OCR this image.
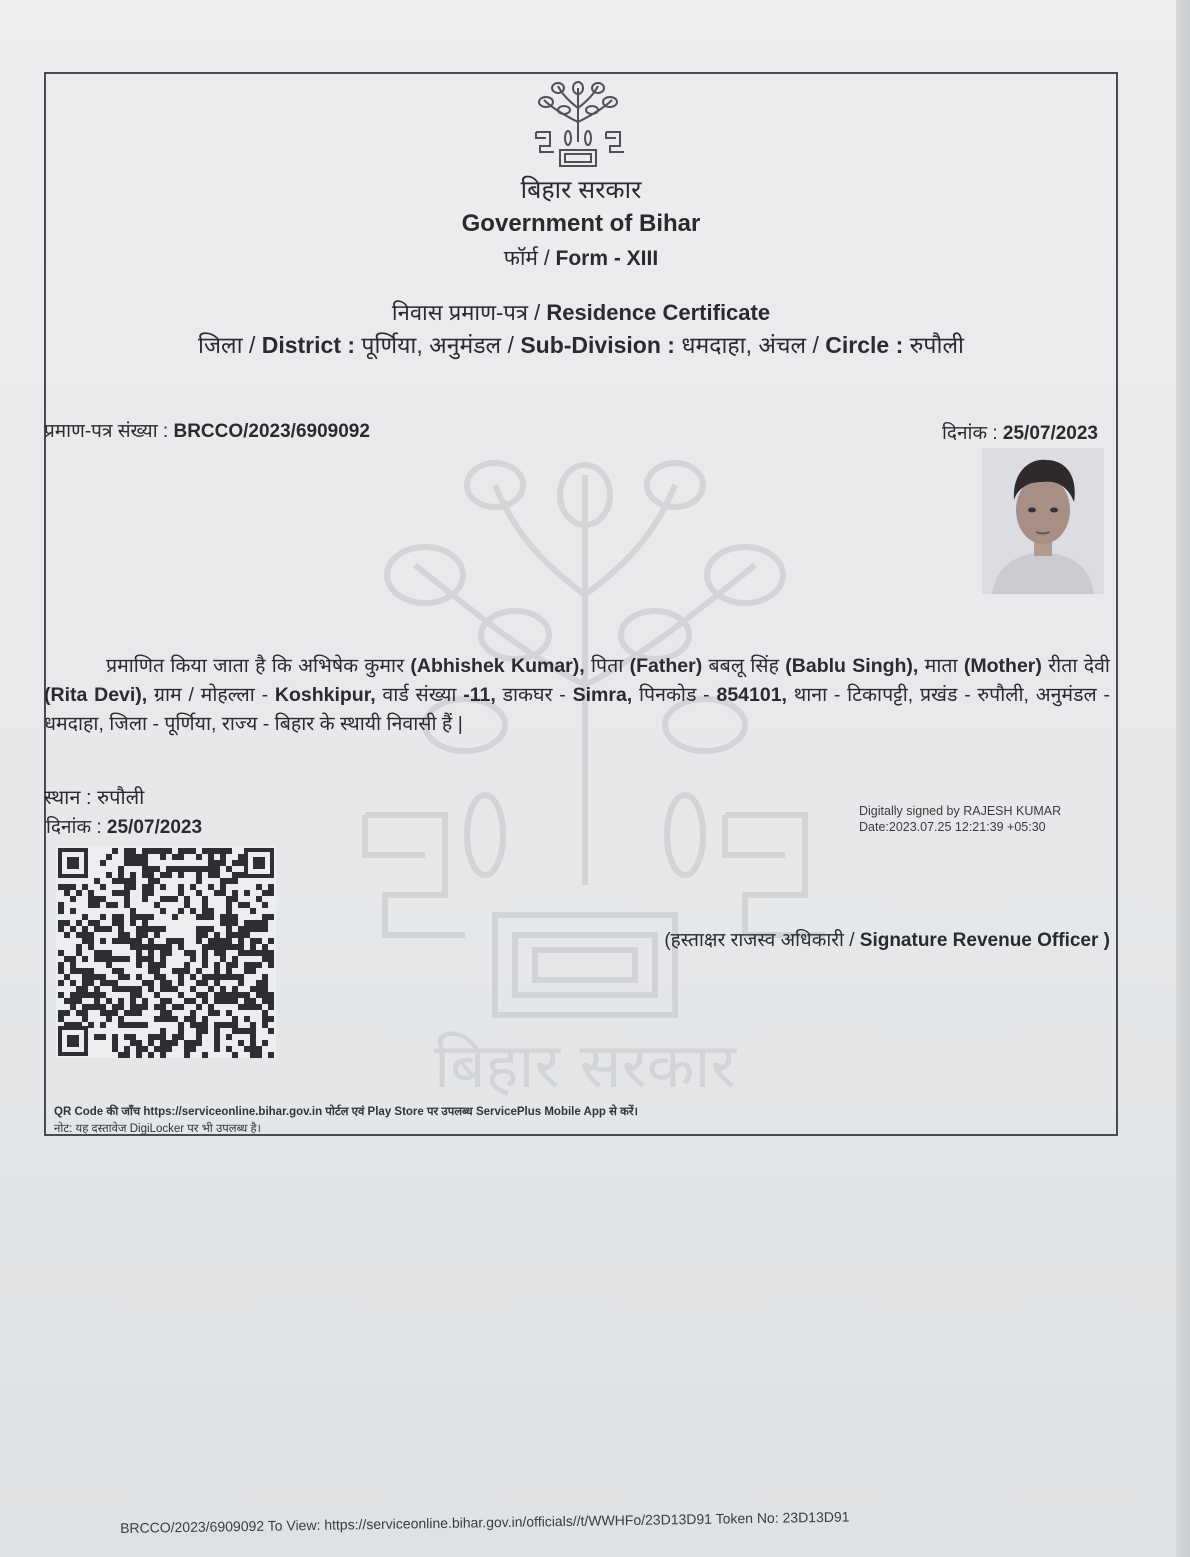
बिहार सरकार
बिहार सरकार
Government of Bihar
फॉर्म / Form - XIII
निवास प्रमाण-पत्र / Residence Certificate
जिला / District : पूर्णिया, अनुमंडल / Sub-Division : धमदाहा, अंचल / Circle : रुपौली
प्रमाण-पत्र संख्या : BRCCO/2023/6909092	दिनांक : 25/07/2023
प्रमाणित किया जाता है कि अभिषेक कुमार (Abhishek Kumar), पिता (Father) बबलू सिंह (Bablu Singh), माता (Mother) रीता देवी (Rita Devi), ग्राम / मोहल्ला - Koshkipur, वार्ड संख्या -11, डाकघर - Simra, पिनकोड - 854101, थाना - टिकापट्टी, प्रखंड - रुपौली, अनुमंडल - धमदाहा, जिला - पूर्णिया, राज्य - बिहार के स्थायी निवासी हैं |
स्थान : रुपौली
दिनांक : 25/07/2023
Digitally signed by RAJESH KUMAR
Date:2023.07.25 12:21:39 +05:30
(हस्ताक्षर राजस्व अधिकारी / Signature Revenue Officer )
QR Code की जाँच https://serviceonline.bihar.gov.in पोर्टल एवं Play Store पर उपलब्ध ServicePlus Mobile App से करें।
नोट: यह दस्तावेज DigiLocker पर भी उपलब्ध है।
BRCCO/2023/6909092 To View: https://serviceonline.bihar.gov.in/officials//t/WWHFo/23D13D91 Token No: 23D13D91
